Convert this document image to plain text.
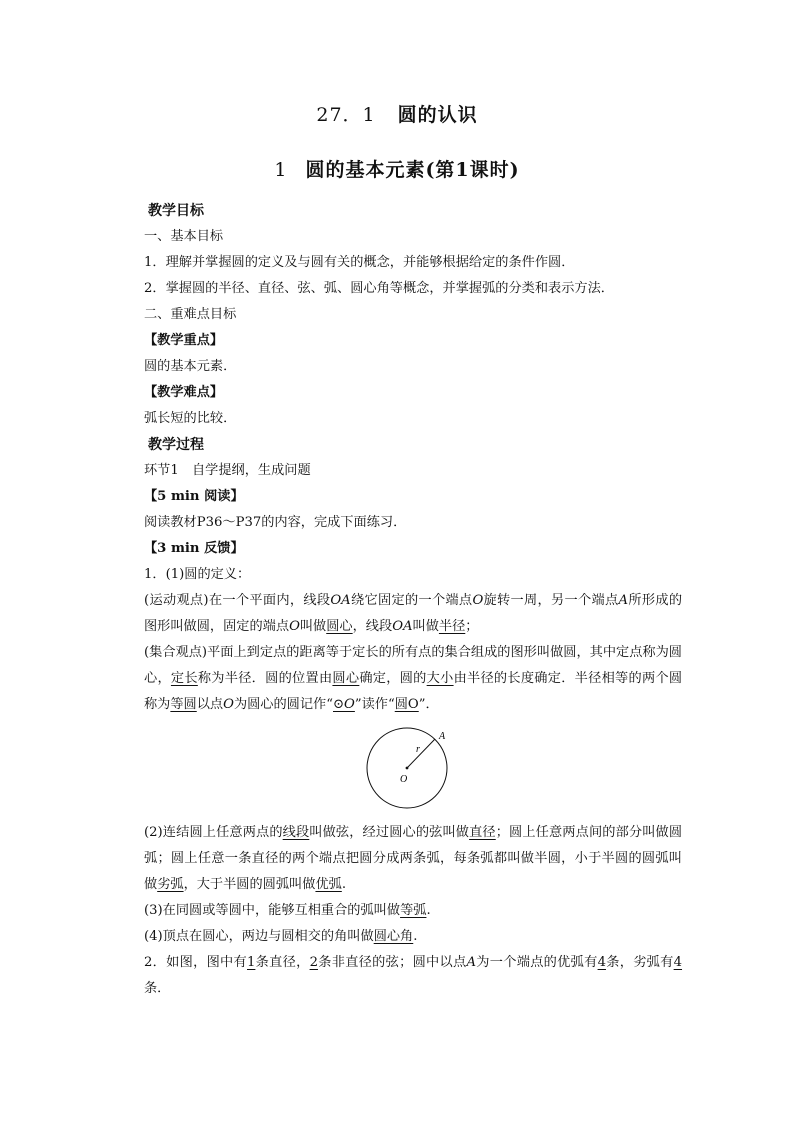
27．1 圆的认识
1 圆的基本元素(第1课时)
教学目标
一、基本目标
1．理解并掌握圆的定义及与圆有关的概念，并能够根据给定的条件作圆．
2．掌握圆的半径、直径、弦、弧、圆心角等概念，并掌握弧的分类和表示方法．
二、重难点目标
【教学重点】
圆的基本元素．
【教学难点】
弧长短的比较．
教学过程
环节1　自学提纲，生成问题
【5 min 阅读】
阅读教材P36～P37的内容，完成下面练习．
【3 min 反馈】
1．(1)圆的定义：
(运动观点)在一个平面内，线段OA绕它固定的一个端点O旋转一周，另一个端点A所形成的图形叫做圆，固定的端点O叫做圆心，线段OA叫做半径；
(集合观点)平面上到定点的距离等于定长的所有点的集合组成的图形叫做圆，其中定点称为圆心，定长称为半径．圆的位置由圆心确定，圆的大小由半径的长度确定．半径相等的两个圆称为等圆以点O为圆心的圆记作“⊙O”读作“圆O”．
A
r
O
(2)连结圆上任意两点的线段叫做弦，经过圆心的弦叫做直径；圆上任意两点间的部分叫做圆弧；圆上任意一条直径的两个端点把圆分成两条弧，每条弧都叫做半圆，小于半圆的圆弧叫做劣弧，大于半圆的圆弧叫做优弧.
(3)在同圆或等圆中，能够互相重合的弧叫做等弧.
(4)顶点在圆心，两边与圆相交的角叫做圆心角.
2．如图，图中有1条直径，2条非直径的弦；圆中以点A为一个端点的优弧有4条，劣弧有4条．
